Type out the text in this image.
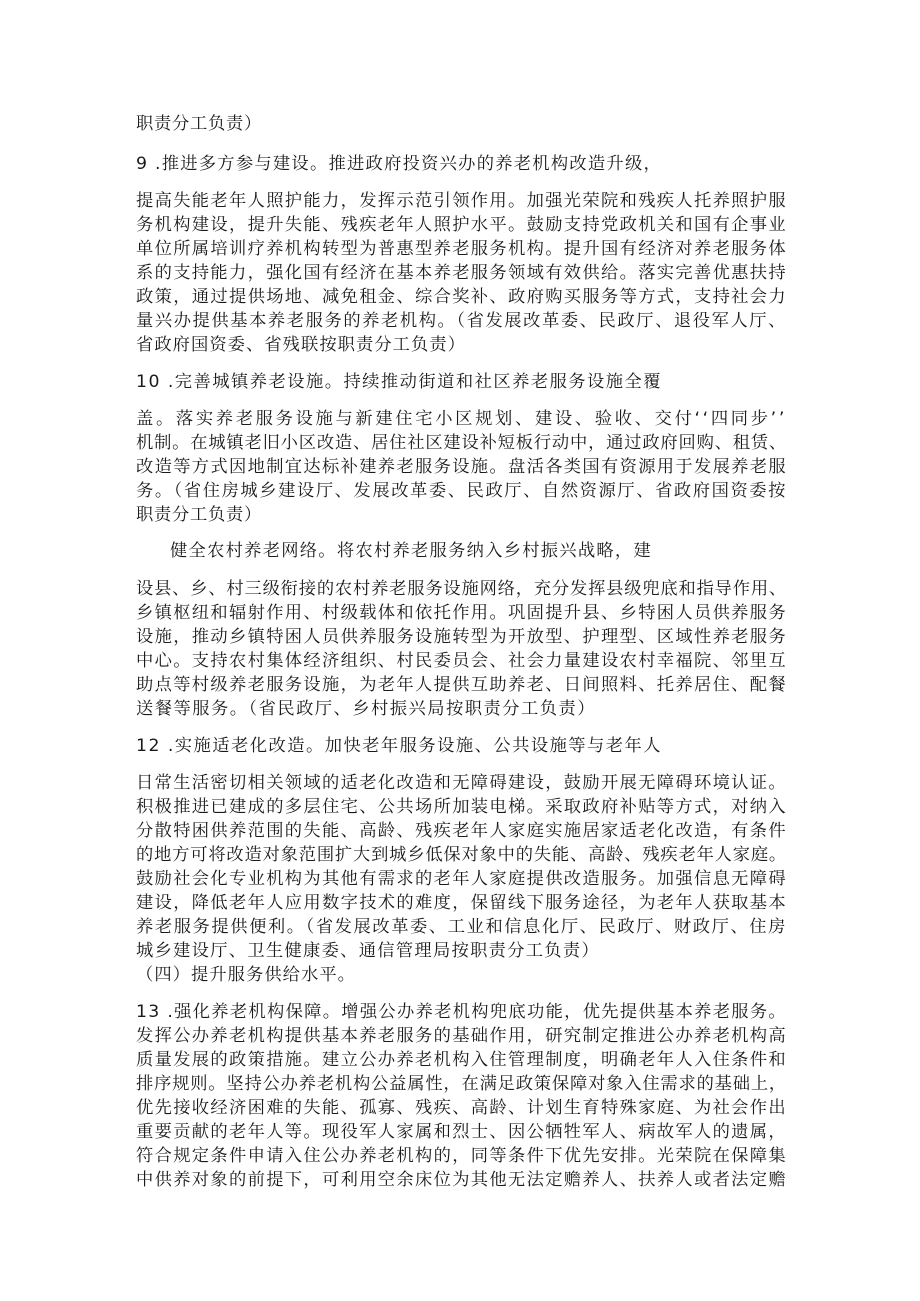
职责分工负责）
9 .推进多方参与建设。推进政府投资兴办的养老机构改造升级，
提高失能老年人照护能力，发挥示范引领作用。加强光荣院和残疾人托养照护服
务机构建设，提升失能、残疾老年人照护水平。鼓励支持党政机关和国有企事业
单位所属培训疗养机构转型为普惠型养老服务机构。提升国有经济对养老服务体
系的支持能力，强化国有经济在基本养老服务领域有效供给。落实完善优惠扶持
政策，通过提供场地、减免租金、综合奖补、政府购买服务等方式，支持社会力
量兴办提供基本养老服务的养老机构。（省发展改革委、民政厅、退役军人厅、
省政府国资委、省残联按职责分工负责）
10 .完善城镇养老设施。持续推动街道和社区养老服务设施全覆
盖。落实养老服务设施与新建住宅小区规划、建设、验收、交付‘‘四同步’’
机制。在城镇老旧小区改造、居住社区建设补短板行动中，通过政府回购、租赁、
改造等方式因地制宜达标补建养老服务设施。盘活各类国有资源用于发展养老服
务。（省住房城乡建设厅、发展改革委、民政厅、自然资源厅、省政府国资委按
职责分工负责）
健全农村养老网络。将农村养老服务纳入乡村振兴战略，建
设县、乡、村三级衔接的农村养老服务设施网络，充分发挥县级兜底和指导作用、
乡镇枢纽和辐射作用、村级载体和依托作用。巩固提升县、乡特困人员供养服务
设施，推动乡镇特困人员供养服务设施转型为开放型、护理型、区域性养老服务
中心。支持农村集体经济组织、村民委员会、社会力量建设农村幸福院、邻里互
助点等村级养老服务设施，为老年人提供互助养老、日间照料、托养居住、配餐
送餐等服务。（省民政厅、乡村振兴局按职责分工负责）
12 .实施适老化改造。加快老年服务设施、公共设施等与老年人
日常生活密切相关领域的适老化改造和无障碍建设，鼓励开展无障碍环境认证。
积极推进已建成的多层住宅、公共场所加装电梯。采取政府补贴等方式，对纳入
分散特困供养范围的失能、高龄、残疾老年人家庭实施居家适老化改造，有条件
的地方可将改造对象范围扩大到城乡低保对象中的失能、高龄、残疾老年人家庭。
鼓励社会化专业机构为其他有需求的老年人家庭提供改造服务。加强信息无障碍
建设，降低老年人应用数字技术的难度，保留线下服务途径，为老年人获取基本
养老服务提供便利。（省发展改革委、工业和信息化厅、民政厅、财政厅、住房
城乡建设厅、卫生健康委、通信管理局按职责分工负责）
（四）提升服务供给水平。
13 .强化养老机构保障。增强公办养老机构兜底功能，优先提供基本养老服务。
发挥公办养老机构提供基本养老服务的基础作用，研究制定推进公办养老机构高
质量发展的政策措施。建立公办养老机构入住管理制度，明确老年人入住条件和
排序规则。坚持公办养老机构公益属性，在满足政策保障对象入住需求的基础上，
优先接收经济困难的失能、孤寡、残疾、高龄、计划生育特殊家庭、为社会作出
重要贡献的老年人等。现役军人家属和烈士、因公牺牲军人、病故军人的遗属，
符合规定条件申请入住公办养老机构的，同等条件下优先安排。光荣院在保障集
中供养对象的前提下，可利用空余床位为其他无法定赡养人、扶养人或者法定赡
